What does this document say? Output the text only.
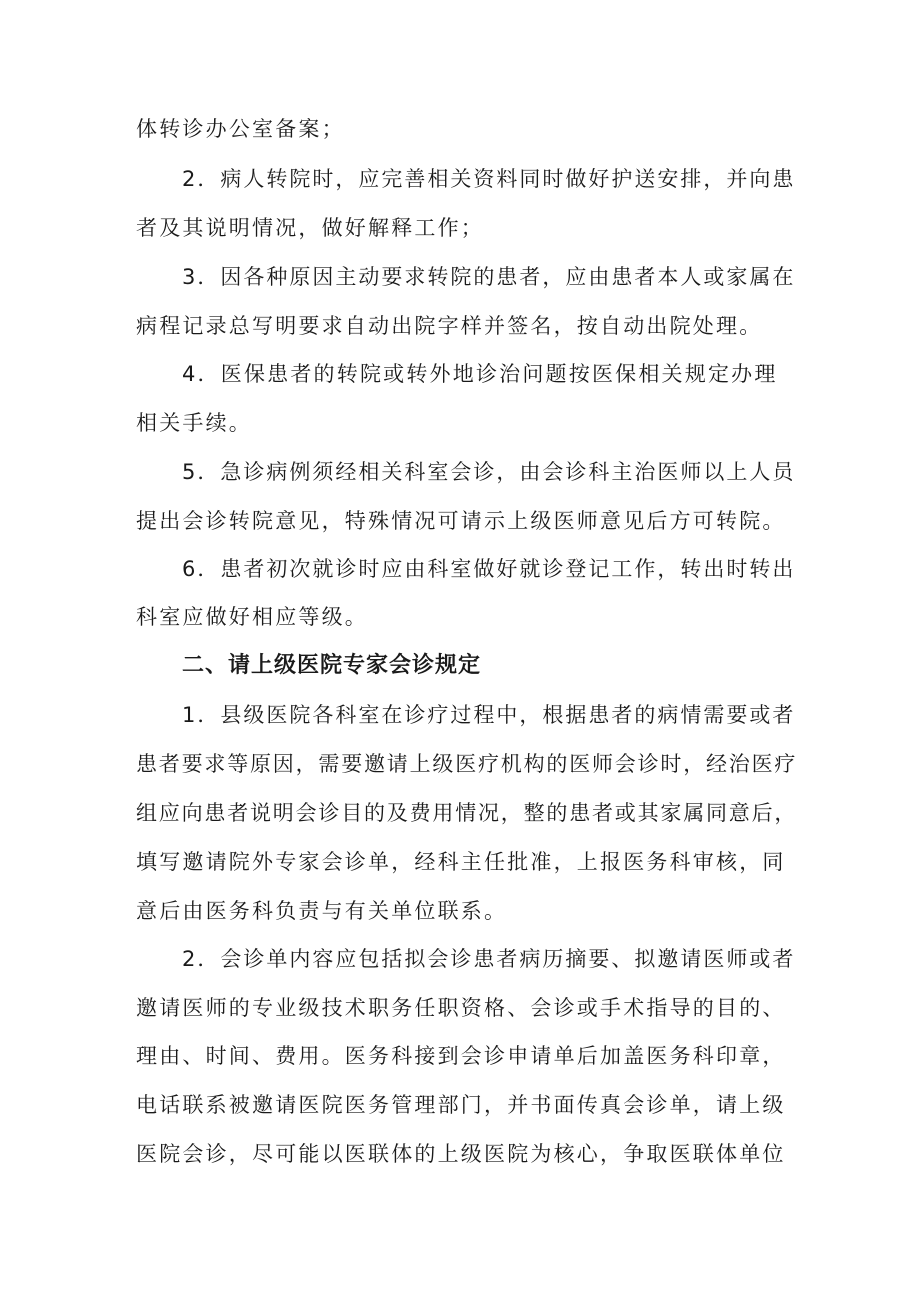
体转诊办公室备案；
2．病人转院时，应完善相关资料同时做好护送安排，并向患
者及其说明情况，做好解释工作；
3．因各种原因主动要求转院的患者，应由患者本人或家属在
病程记录总写明要求自动出院字样并签名，按自动出院处理。
4．医保患者的转院或转外地诊治问题按医保相关规定办理
相关手续。
5．急诊病例须经相关科室会诊，由会诊科主治医师以上人员
提出会诊转院意见，特殊情况可请示上级医师意见后方可转院。
6．患者初次就诊时应由科室做好就诊登记工作，转出时转出
科室应做好相应等级。
二、请上级医院专家会诊规定
1．县级医院各科室在诊疗过程中，根据患者的病情需要或者
患者要求等原因，需要邀请上级医疗机构的医师会诊时，经治医疗
组应向患者说明会诊目的及费用情况，整的患者或其家属同意后，
填写邀请院外专家会诊单，经科主任批准，上报医务科审核，同
意后由医务科负责与有关单位联系。
2．会诊单内容应包括拟会诊患者病历摘要、拟邀请医师或者
邀请医师的专业级技术职务任职资格、会诊或手术指导的目的、
理由、时间、费用。医务科接到会诊申请单后加盖医务科印章，
电话联系被邀请医院医务管理部门，并书面传真会诊单，请上级
医院会诊，尽可能以医联体的上级医院为核心，争取医联体单位
